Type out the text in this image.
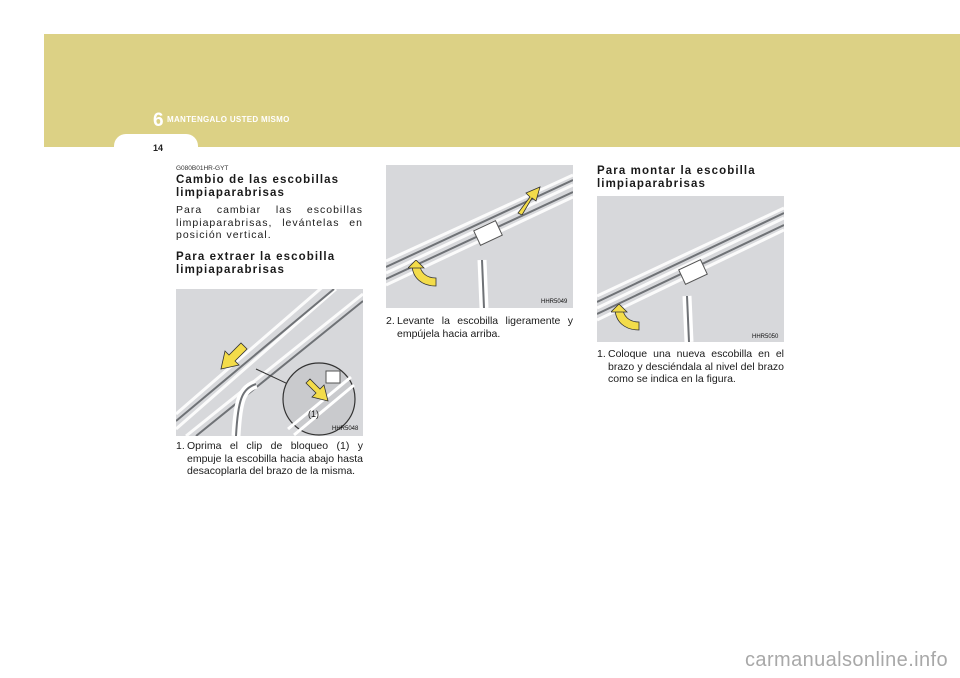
6 MANTENGALO USTED MISMO
14
G080B01HR-GYT
Cambio de las escobillas limpiaparabrisas

Para cambiar las escobillas limpiaparabrisas, levántelas en posición vertical.

Para extraer la escobilla limpiaparabrisas
(1)
HHR5048
1. Oprima el clip de bloqueo (1) y empuje la escobilla hacia abajo hasta desacoplarla del brazo de la misma.
HHR5049
2. Levante la escobilla ligeramente y empújela hacia arriba.
Para montar la escobilla limpiaparabrisas
HHR5050
1. Coloque una nueva escobilla en el brazo y desciéndala al nivel del brazo como se indica en la figura.
carmanualsonline.info
